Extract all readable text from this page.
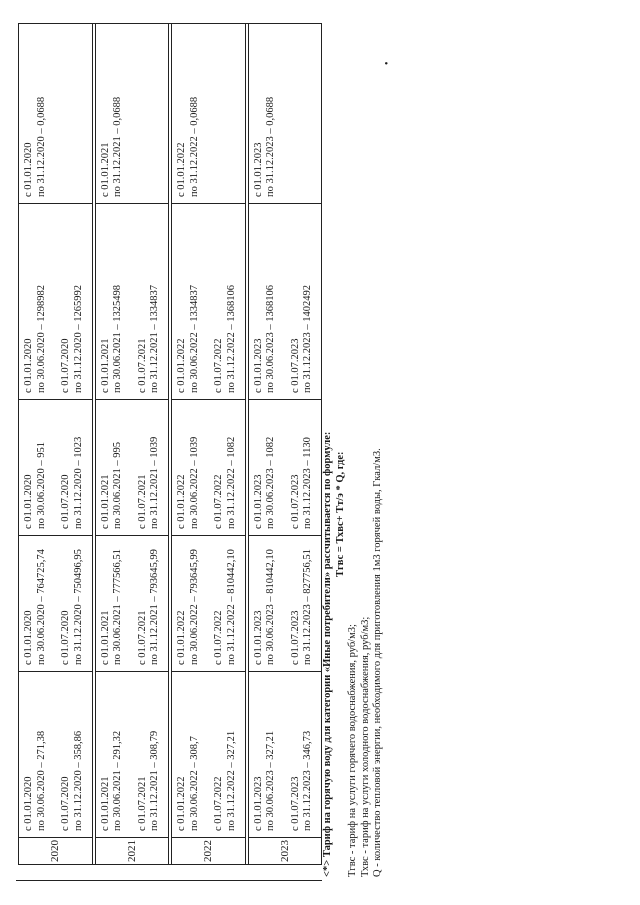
2020
с 01.01.2020
по 30.06.2020 – 271,38
с 01.07.2020
по 31.12.2020 – 358,86
с 01.01.2020
по 30.06.2020 – 764725,74
с 01.07.2020
по 31.12.2020 – 750496,95
с 01.01.2020
по 30.06.2020 – 951
с 01.07.2020
по 31.12.2020 – 1023
с 01.01.2020
по 30.06.2020 – 1298982
с 01.07.2020
по 31.12.2020 – 1265992
с 01.01.2020
по 31.12.2020 – 0,0688
2021
с 01.01.2021
по 30.06.2021 – 291,32
с 01.07.2021
по 31.12.2021 – 308,79
с 01.01.2021
по 30.06.2021 – 777566,51
с 01.07.2021
по 31.12.2021 – 793645,99
с 01.01.2021
по 30.06.2021 – 995
с 01.07.2021
по 31.12.2021 – 1039
с 01.01.2021
по 30.06.2021 – 1325498
с 01.07.2021
по 31.12.2021 – 1334837
с 01.01.2021
по 31.12.2021 – 0,0688
2022
с 01.01.2022
по 30.06.2022 – 308,7
с 01.07.2022
по 31.12.2022 – 327,21
с 01.01.2022
по 30.06.2022 – 793645,99
с 01.07.2022
по 31.12.2022 – 810442,10
с 01.01.2022
по 30.06.2022 – 1039
с 01.07.2022
по 31.12.2022 – 1082
с 01.01.2022
по 30.06.2022 – 1334837
с 01.07.2022
по 31.12.2022 – 1368106
с 01.01.2022
по 31.12.2022 – 0,0688
2023
с 01.01.2023
по 30.06.2023 – 327,21
с 01.07.2023
по 31.12.2023 – 346,73
с 01.01.2023
по 30.06.2023 – 810442,10
с 01.07.2023
по 31.12.2023 – 827756,51
с 01.01.2023
по 30.06.2023 – 1082
с 01.07.2023
по 31.12.2023 – 1130
с 01.01.2023
по 30.06.2023 – 1368106
с 01.07.2023
по 31.12.2023 – 1402492
с 01.01.2023
по 31.12.2023 – 0,0688
<*> Тариф на горячую воду для категории «Иные потребители» рассчитывается по формуле: Тгвс = Тхвс+ Тт/э * Q, где:
Тгвс - тариф на услуги горячего водоснабжения, руб/м3; Тхвс - тариф на услуги холодного водоснабжения, руб/м3; Q - количество тепловой энергии, необходимого для приготовления 1м3 горячей воды, Гкал/м3.
•
